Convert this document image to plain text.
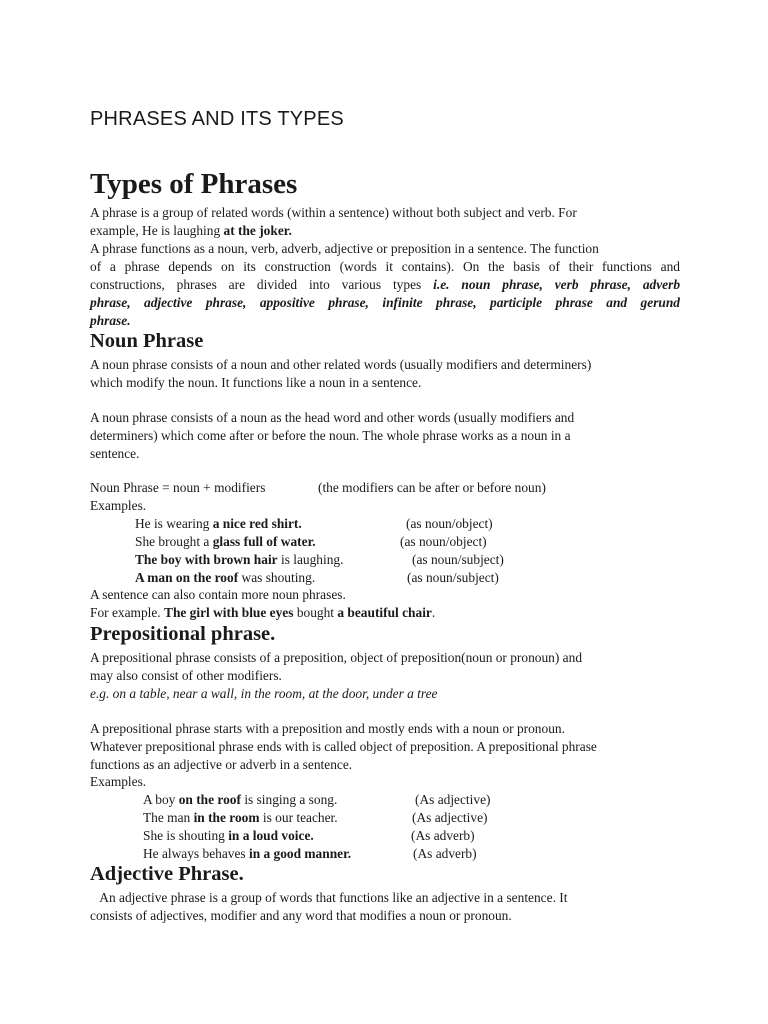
PHRASES AND ITS TYPES
Types of Phrases
A phrase is a group of related words (within a sentence) without both subject and verb. For
example, He is laughing at the joker.
A phrase functions as a noun, verb, adverb, adjective or preposition in a sentence. The function
of a phrase depends on its construction (words it contains). On the basis of their functions and
constructions, phrases are divided into various types i.e. noun phrase, verb phrase, adverb
phrase, adjective phrase, appositive phrase, infinite phrase, participle phrase and gerund
phrase.
Noun Phrase
A noun phrase consists of a noun and other related words (usually modifiers and determiners)
which modify the noun. It functions like a noun in a sentence.
A noun phrase consists of a noun as the head word and other words (usually modifiers and
determiners) which come after or before the noun. The whole phrase works as a noun in a
sentence.
Noun Phrase = noun + modifiers	(the modifiers can be after or before noun)
Examples.
He is wearing a nice red shirt.	(as noun/object)
She brought a glass full of water.	(as noun/object)
The boy with brown hair is laughing.	(as noun/subject)
A man on the roof was shouting.	(as noun/subject)
A sentence can also contain more noun phrases.
For example. The girl with blue eyes bought a beautiful chair.
Prepositional phrase.
A prepositional phrase consists of a preposition, object of preposition(noun or pronoun) and
may also consist of other modifiers.
e.g. on a table, near a wall, in the room, at the door, under a tree
A prepositional phrase starts with a preposition and mostly ends with a noun or pronoun.
Whatever prepositional phrase ends with is called object of preposition. A prepositional phrase
functions as an adjective or adverb in a sentence.
Examples.
A boy on the roof is singing a song.	(As adjective)
The man in the room is our teacher.	(As adjective)
She is shouting in a loud voice.	(As adverb)
He always behaves in a good manner.	(As adverb)
Adjective Phrase.
An adjective phrase is a group of words that functions like an adjective in a sentence. It
consists of adjectives, modifier and any word that modifies a noun or pronoun.
